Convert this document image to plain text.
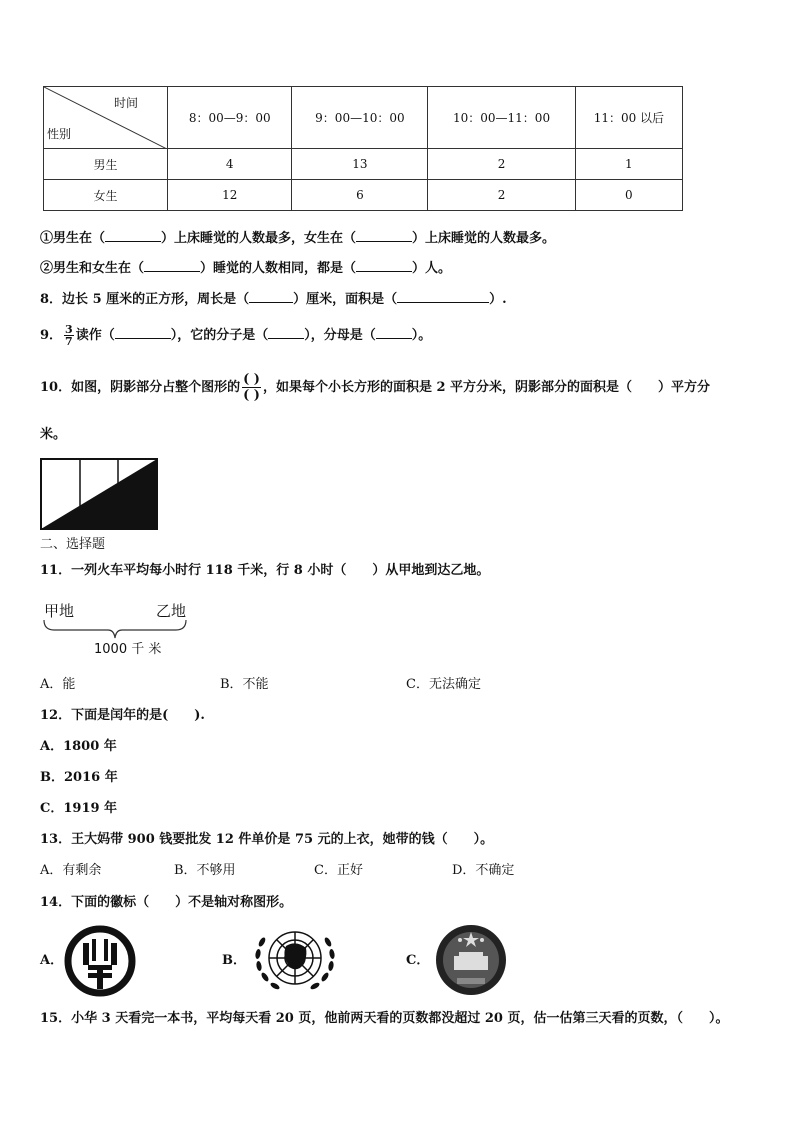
时间
性别	8：00—9：00	9：00—10：00	10：00—11：00	11：00 以后
男生	4	13	2	1
女生	12	6	2	0
①男生在（	）上床睡觉的人数最多，女生在（	）上床睡觉的人数最多。
②男生和女生在（	）睡觉的人数相同，都是（	）人。
8．边长 5 厘米的正方形，周长是（	）厘米，面积是（	）.
9． $\frac{3}{7}$ 读作（	），它的分子是（	），分母是（	）。
10．如图，阴影部分占整个图形的 $\frac{( )}{( )}$ ，如果每个小长方形的面积是 2 平方分米，阴影部分的面积是（　　）平方分
米。
二、选择题
11．一列火车平均每小时行 118 千米，行 8 小时（　　）从甲地到达乙地。
甲地	乙地
1000 千 米
A．能	B．不能	C．无法确定
12．下面是闰年的是(　　).
A．1800 年
B．2016 年
C．1919 年
13．王大妈带 900 钱要批发 12 件单价是 75 元的上衣，她带的钱（　　）。
A．有剩余	B．不够用	C．正好	D．不确定
14．下面的徽标（　　）不是轴对称图形。
A．	B．	C．
15．小华 3 天看完一本书，平均每天看 20 页，他前两天看的页数都没超过 20 页，估一估第三天看的页数，（　　）。
